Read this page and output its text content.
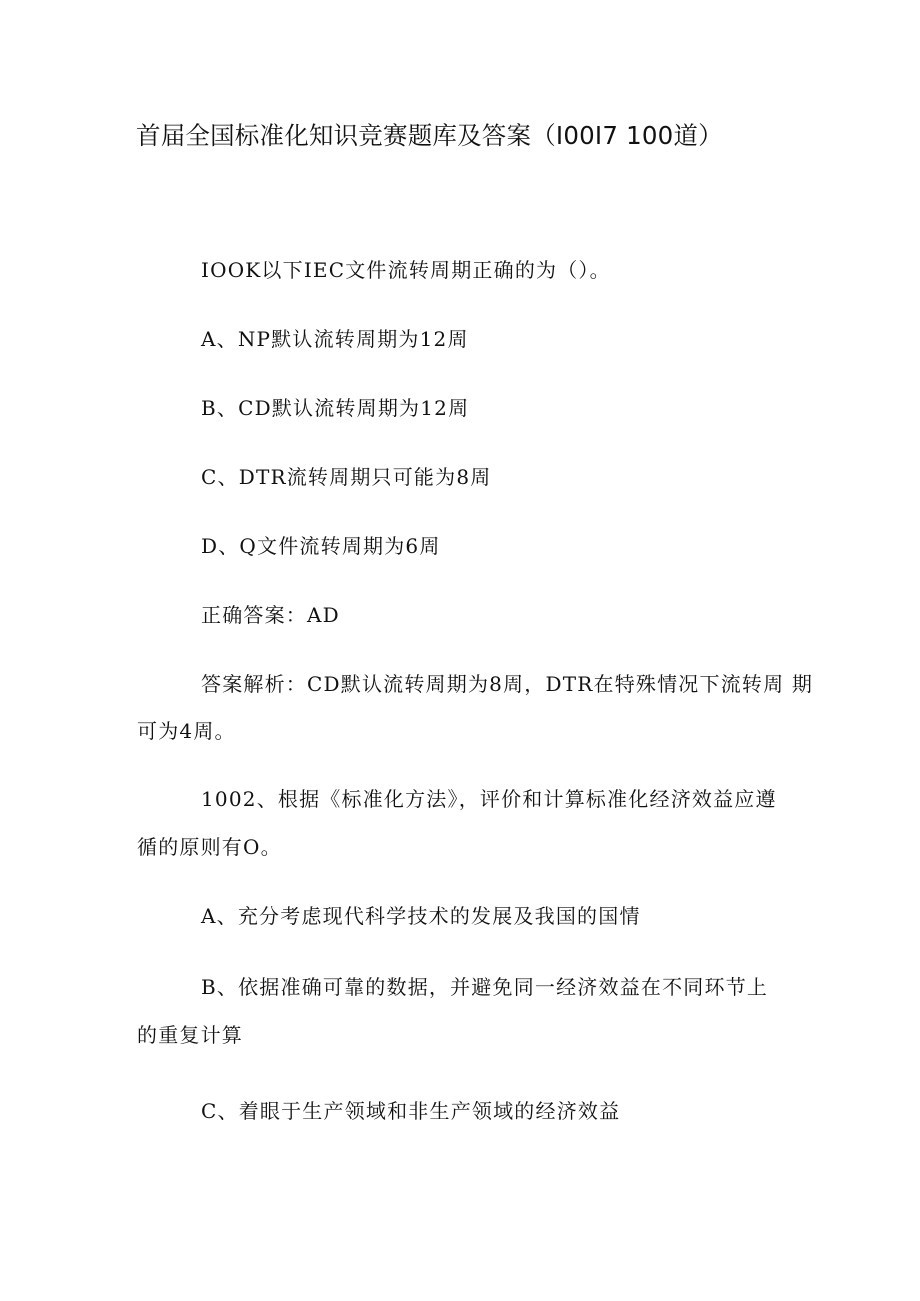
首届全国标准化知识竞赛题库及答案（I00I7 100道）

IOOK以下IEC文件流转周期正确的为（）。

A、NP默认流转周期为12周

B、CD默认流转周期为12周

C、DTR流转周期只可能为8周

D、Q文件流转周期为6周

正确答案：AD

答案解析：CD默认流转周期为8周，DTR在特殊情况下流转周 期

可为4周。

1002、根据《标准化方法》，评价和计算标准化经济效益应遵

循的原则有O。

A、充分考虑现代科学技术的发展及我国的国情

B、依据准确可靠的数据，并避免同一经济效益在不同环节上

的重复计算

C、着眼于生产领域和非生产领域的经济效益
